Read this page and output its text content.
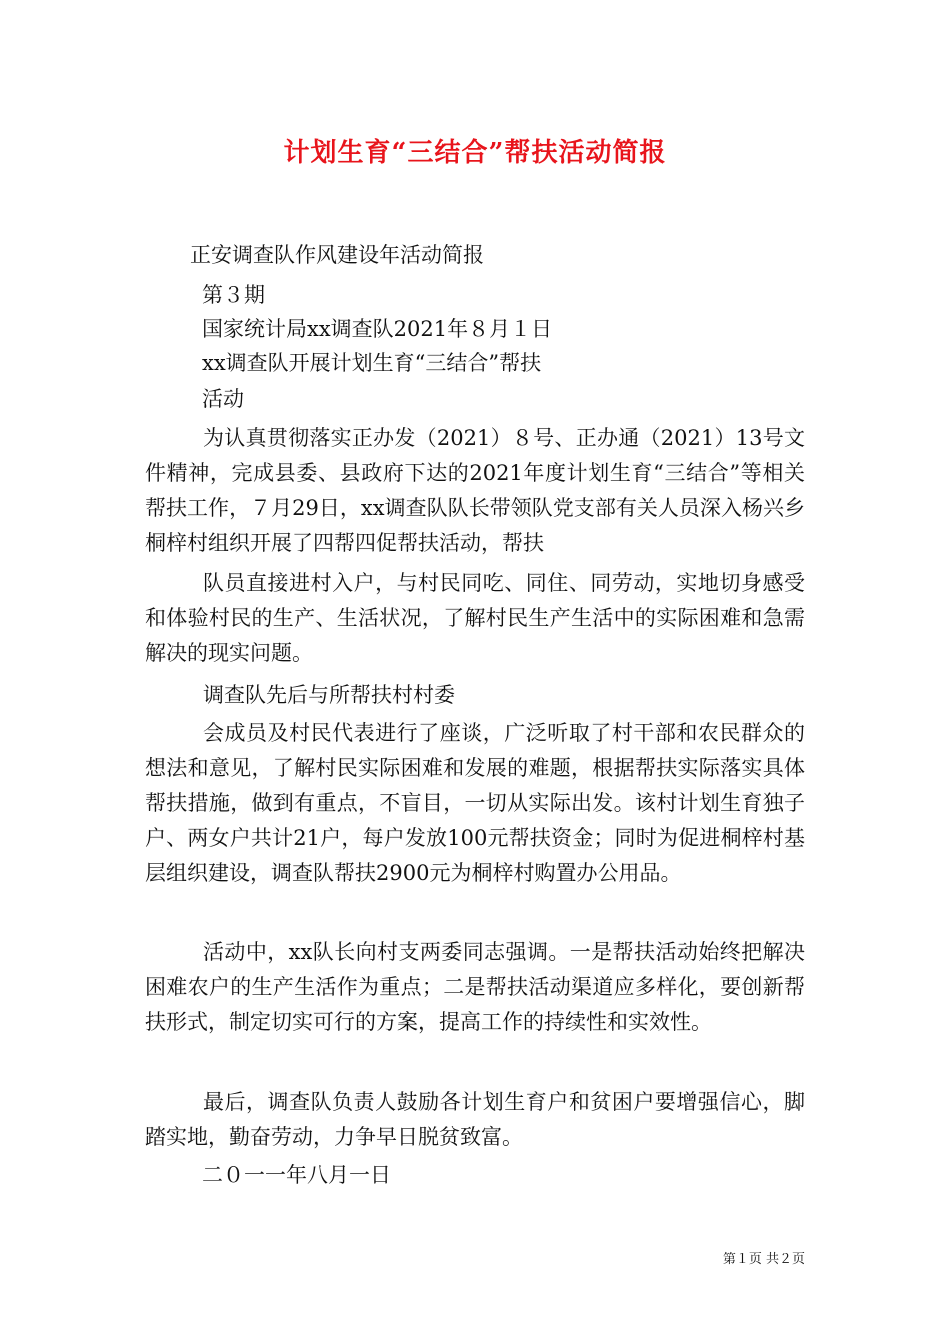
计划生育“三结合”帮扶活动简报
正安调查队作风建设年活动简报
第３期
国家统计局xx调查队2021年８月１日
xx调查队开展计划生育“三结合”帮扶
活动
为认真贯彻落实正办发（2021）８号、正办通（2021）13号文件精神，完成县委、县政府下达的2021年度计划生育“三结合”等相关帮扶工作，７月29日，xx调查队队长带领队党支部有关人员深入杨兴乡桐梓村组织开展了四帮四促帮扶活动，帮扶
队员直接进村入户，与村民同吃、同住、同劳动，实地切身感受和体验村民的生产、生活状况，了解村民生产生活中的实际困难和急需解决的现实问题。
调查队先后与所帮扶村村委
会成员及村民代表进行了座谈，广泛听取了村干部和农民群众的想法和意见，了解村民实际困难和发展的难题，根据帮扶实际落实具体帮扶措施，做到有重点，不盲目，一切从实际出发。该村计划生育独子户、两女户共计21户，每户发放100元帮扶资金；同时为促进桐梓村基层组织建设，调查队帮扶2900元为桐梓村购置办公用品。
活动中，xx队长向村支两委同志强调。一是帮扶活动始终把解决困难农户的生产生活作为重点；二是帮扶活动渠道应多样化，要创新帮扶形式，制定切实可行的方案，提高工作的持续性和实效性。
最后，调查队负责人鼓励各计划生育户和贫困户要增强信心，脚踏实地，勤奋劳动，力争早日脱贫致富。
二０一一年八月一日
第１页 共２页
